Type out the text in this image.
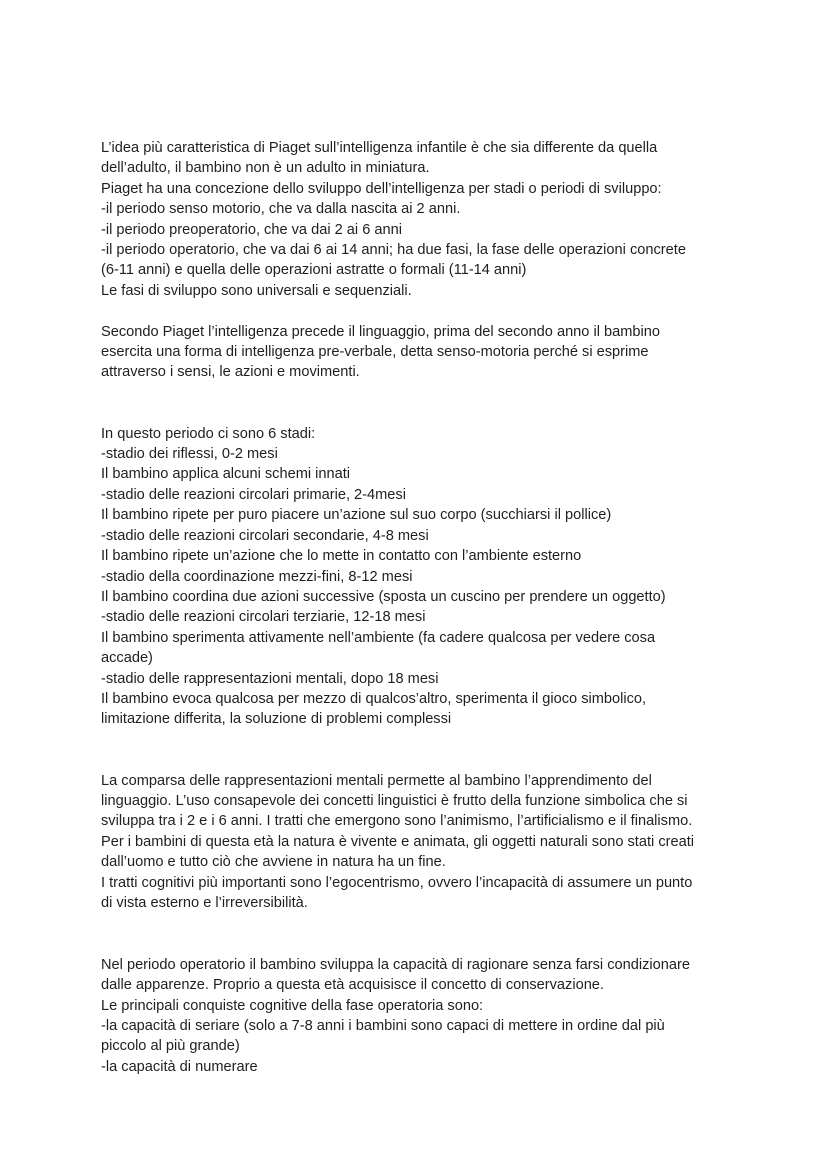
L’idea più caratteristica di Piaget sull’intelligenza infantile è che sia differente da quella
dell’adulto, il bambino non è un adulto in miniatura.
Piaget ha una concezione dello sviluppo dell’intelligenza per stadi o periodi di sviluppo:
-il periodo senso motorio, che va dalla nascita ai 2 anni.
-il periodo preoperatorio, che va dai 2 ai 6 anni
-il periodo operatorio, che va dai 6 ai 14 anni; ha due fasi, la fase delle operazioni concrete
(6-11 anni) e quella delle operazioni astratte o formali (11-14 anni)
Le fasi di sviluppo sono universali e sequenziali.
Secondo Piaget l’intelligenza precede il linguaggio, prima del secondo anno il bambino
esercita una forma di intelligenza pre-verbale, detta senso-motoria perché si esprime
attraverso i sensi, le azioni e movimenti.
In questo periodo ci sono 6 stadi:
-stadio dei riflessi, 0-2 mesi
Il bambino applica alcuni schemi innati
-stadio delle reazioni circolari primarie, 2-4mesi
Il bambino ripete per puro piacere un’azione sul suo corpo (succhiarsi il pollice)
-stadio delle reazioni circolari secondarie, 4-8 mesi
Il bambino ripete un’azione che lo mette in contatto con l’ambiente esterno
-stadio della coordinazione mezzi-fini, 8-12 mesi
Il bambino coordina due azioni successive (sposta un cuscino per prendere un oggetto)
-stadio delle reazioni circolari terziarie, 12-18 mesi
Il bambino sperimenta attivamente nell’ambiente (fa cadere qualcosa per vedere cosa
accade)
-stadio delle rappresentazioni mentali, dopo 18 mesi
Il bambino evoca qualcosa per mezzo di qualcos’altro, sperimenta il gioco simbolico,
limitazione differita, la soluzione di problemi complessi
La comparsa delle rappresentazioni mentali permette al bambino l’apprendimento del
linguaggio. L’uso consapevole dei concetti linguistici è frutto della funzione simbolica che si
sviluppa tra i 2 e i 6 anni. I tratti che emergono sono l’animismo, l’artificialismo e il finalismo.
Per i bambini di questa età la natura è vivente e animata, gli oggetti naturali sono stati creati
dall’uomo e tutto ciò che avviene in natura ha un fine.
I tratti cognitivi più importanti sono l’egocentrismo, ovvero l’incapacità di assumere un punto
di vista esterno e l’irreversibilità.
Nel periodo operatorio il bambino sviluppa la capacità di ragionare senza farsi condizionare
dalle apparenze. Proprio a questa età acquisisce il concetto di conservazione.
Le principali conquiste cognitive della fase operatoria sono:
-la capacità di seriare (solo a 7-8 anni i bambini sono capaci di mettere in ordine dal più
piccolo al più grande)
-la capacità di numerare
